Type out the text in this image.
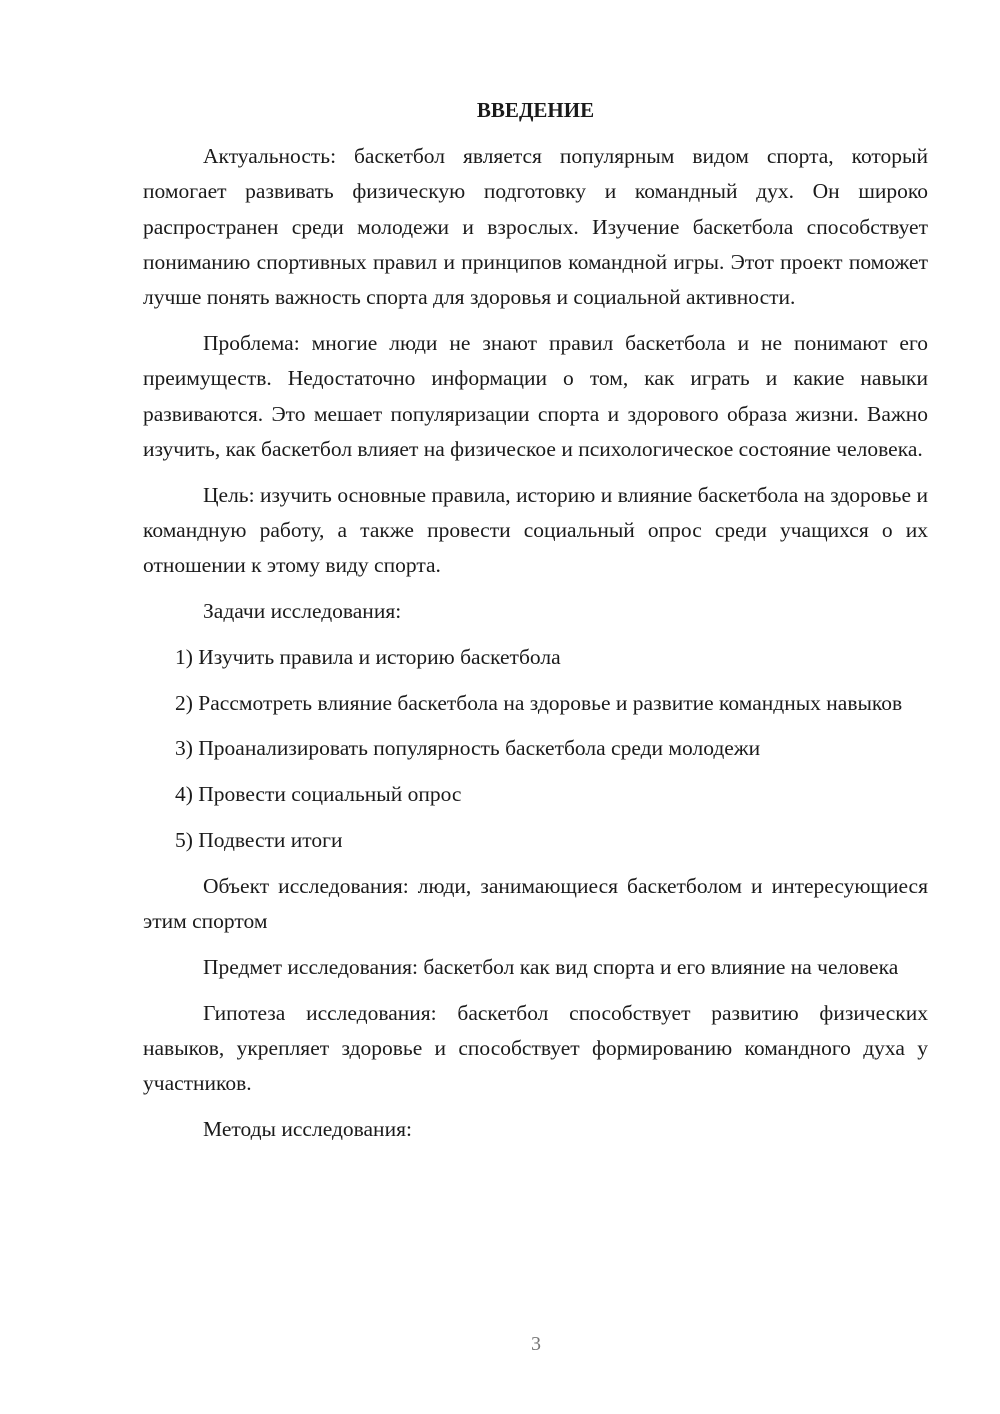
ВВЕДЕНИЕ

Актуальность: баскетбол является популярным видом спорта, который помогает развивать физическую подготовку и командный дух. Он широко распространен среди молодежи и взрослых. Изучение баскетбола способствует пониманию спортивных правил и принципов командной игры. Этот проект поможет лучше понять важность спорта для здоровья и социальной активности.

Проблема: многие люди не знают правил баскетбола и не понимают его преимуществ. Недостаточно информации о том, как играть и какие навыки развиваются. Это мешает популяризации спорта и здорового образа жизни. Важно изучить, как баскетбол влияет на физическое и психологическое состояние человека.

Цель: изучить основные правила, историю и влияние баскетбола на здоровье и командную работу, а также провести социальный опрос среди учащихся о их отношении к этому виду спорта.

Задачи исследования:

1) Изучить правила и историю баскетбола

2) Рассмотреть влияние баскетбола на здоровье и развитие командных навыков

3) Проанализировать популярность баскетбола среди молодежи

4) Провести социальный опрос

5) Подвести итоги

Объект исследования: люди, занимающиеся баскетболом и интересующиеся этим спортом

Предмет исследования: баскетбол как вид спорта и его влияние на человека

Гипотеза исследования: баскетбол способствует развитию физических навыков, укрепляет здоровье и способствует формированию командного духа у участников.

Методы исследования:

3
